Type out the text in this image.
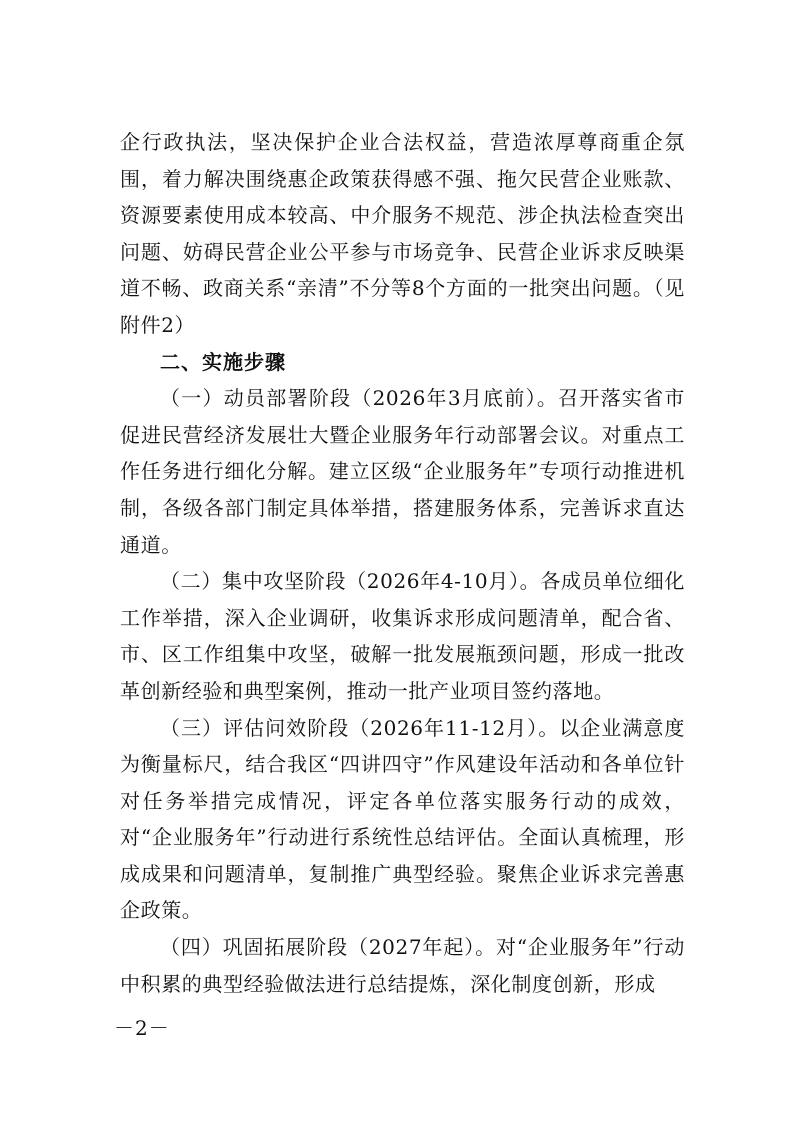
企行政执法，坚决保护企业合法权益，营造浓厚尊商重企氛围，着力解决围绕惠企政策获得感不强、拖欠民营企业账款、资源要素使用成本较高、中介服务不规范、涉企执法检查突出问题、妨碍民营企业公平参与市场竞争、民营企业诉求反映渠道不畅、政商关系“亲清”不分等8个方面的一批突出问题。（见附件2）

二、实施步骤

（一）动员部署阶段（2026年3月底前）。召开落实省市促进民营经济发展壮大暨企业服务年行动部署会议。对重点工作任务进行细化分解。建立区级“企业服务年”专项行动推进机制，各级各部门制定具体举措，搭建服务体系，完善诉求直达通道。

（二）集中攻坚阶段（2026年4-10月）。各成员单位细化工作举措，深入企业调研，收集诉求形成问题清单，配合省、市、区工作组集中攻坚，破解一批发展瓶颈问题，形成一批改革创新经验和典型案例，推动一批产业项目签约落地。

（三）评估问效阶段（2026年11-12月）。以企业满意度为衡量标尺，结合我区“四讲四守”作风建设年活动和各单位针对任务举措完成情况，评定各单位落实服务行动的成效，对“企业服务年”行动进行系统性总结评估。全面认真梳理，形成成果和问题清单，复制推广典型经验。聚焦企业诉求完善惠企政策。

（四）巩固拓展阶段（2027年起）。对“企业服务年”行动中积累的典型经验做法进行总结提炼，深化制度创新，形成

－2－
